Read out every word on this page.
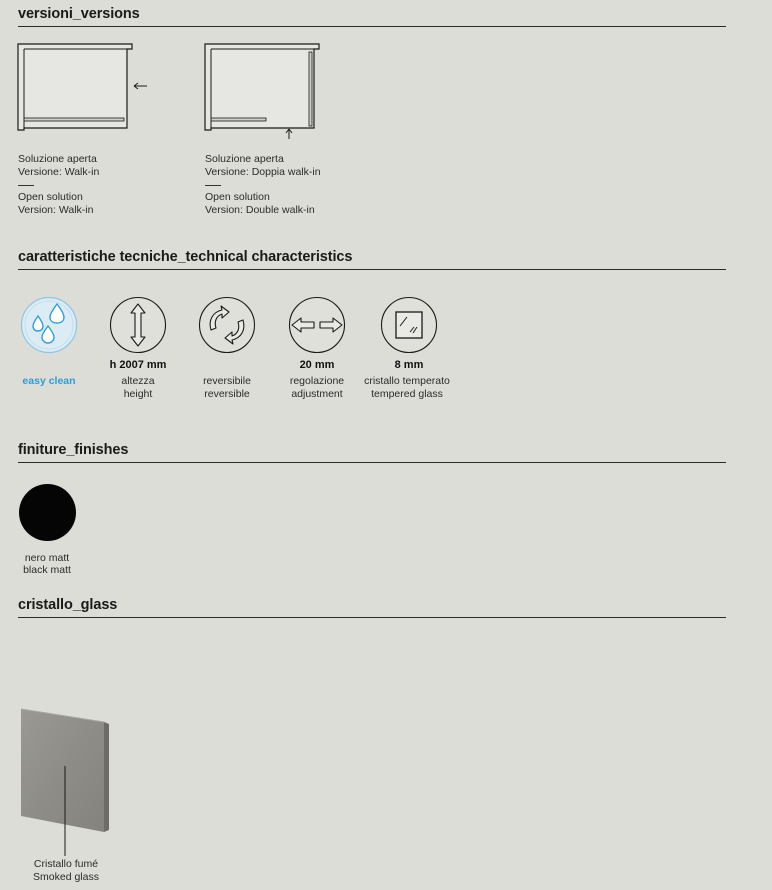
versioni_versions
Soluzione aperta
Versione: Walk-in
Open solution
Version: Walk-in
Soluzione aperta
Versione: Doppia walk-in
Open solution
Version: Double walk-in
caratteristiche tecniche_technical characteristics
easy clean
h 2007 mm
altezza
height
reversibile
reversible
20 mm
regolazione
adjustment
8 mm
cristallo temperato
tempered glass
finiture_finishes
nero matt
black matt
cristallo_glass
Cristallo fumé
Smoked glass
